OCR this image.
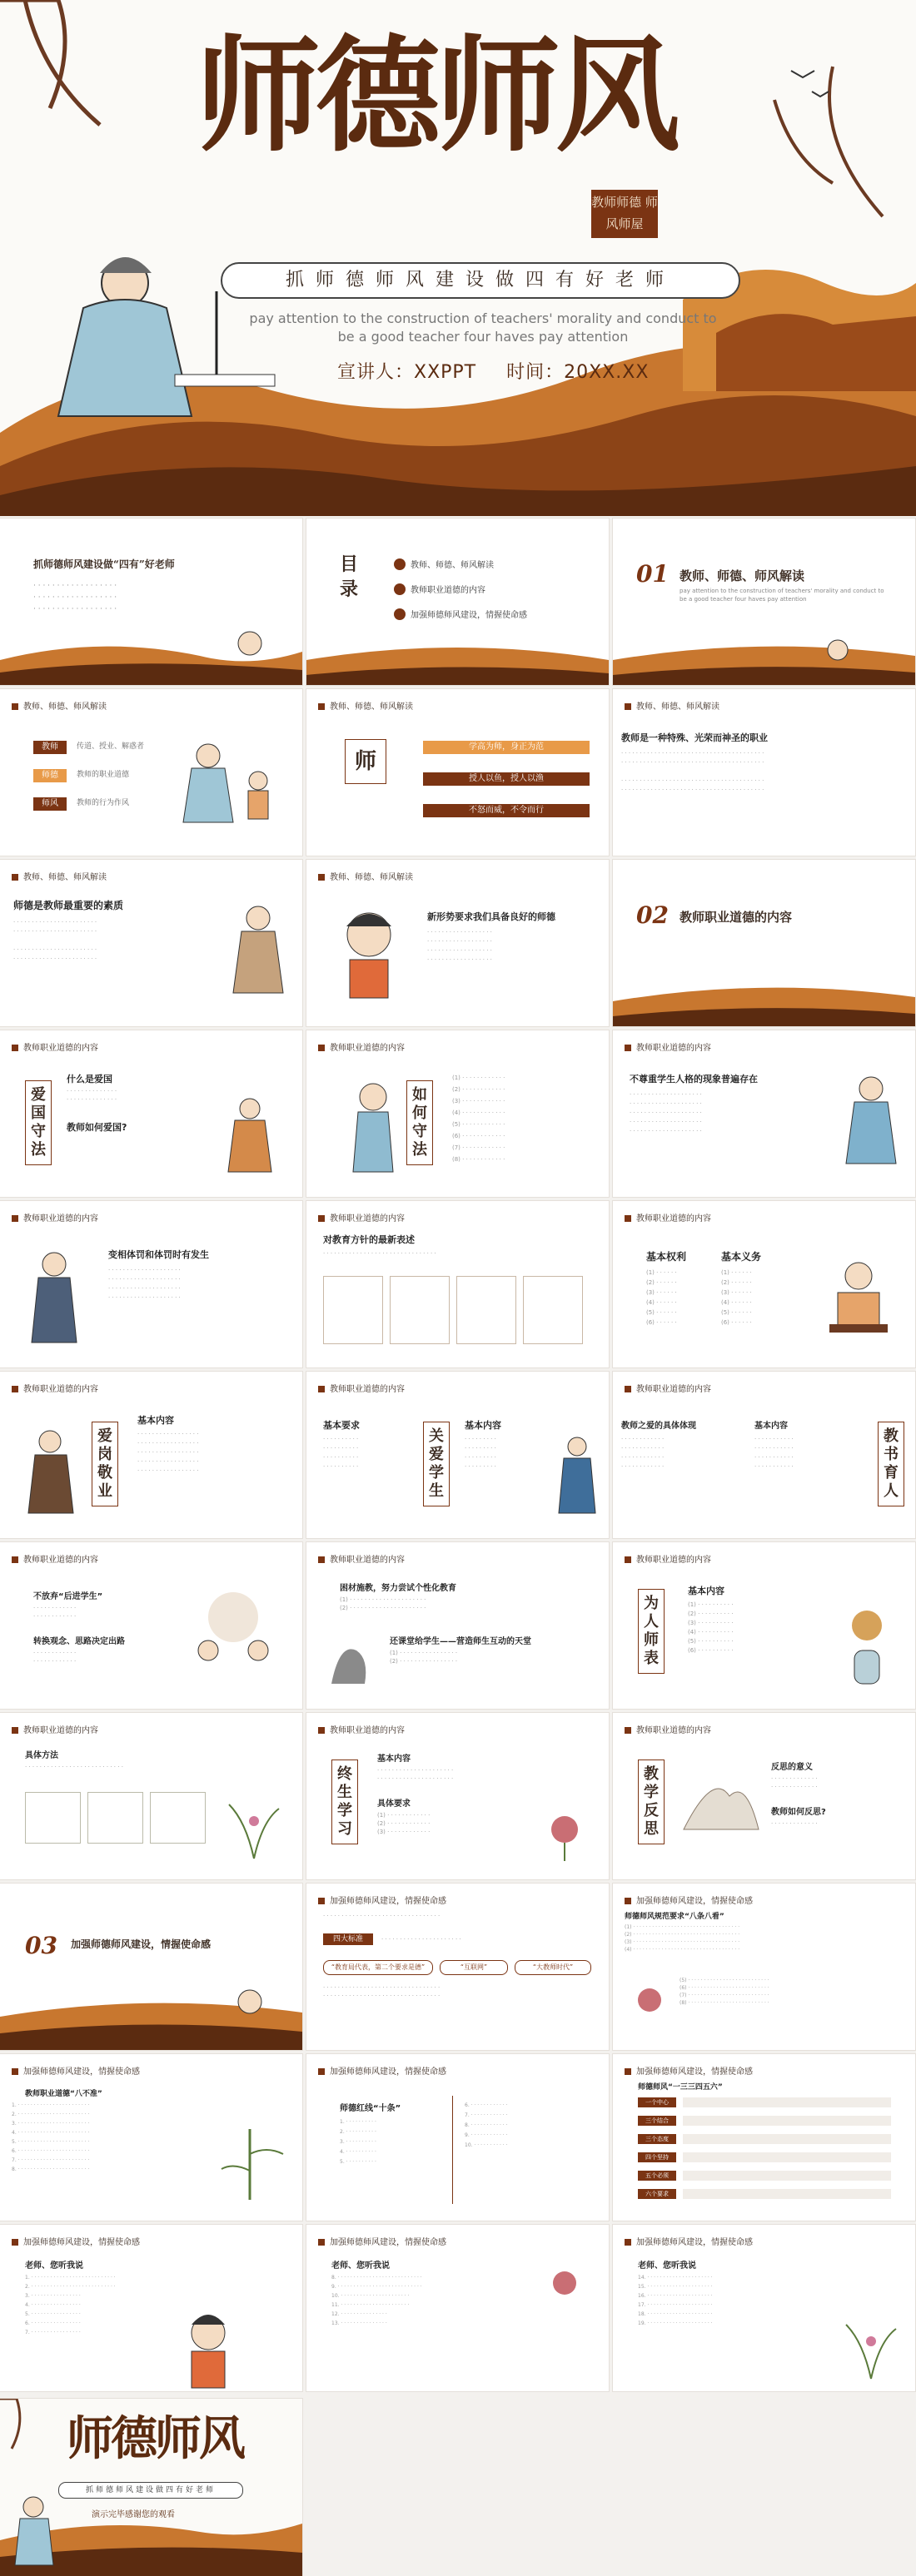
师德师风
教师师德 师风师屋
抓师德师风建设做四有好老师
pay attention to the construction of teachers' morality and conduct to be a good teacher four haves pay attention
宣讲人：XXPPT 时间：20XX.XX
抓师德师风建设做“四有”好老师
· · · · · · · · · · · · · · · · · ·
· · · · · · · · · · · · · · · · · ·
· · · · · · · · · · · · · · · · · ·
目录
教师、师德、师风解读
教师职业道德的内容
加强师德师风建设，情握使命感
01 教师、师德、师风解读
pay attention to the construction of teachers' morality and conduct to be a good teacher four haves pay attention
教师、师德、师风解读
教师	传道、授业、解惑者
师德	教师的职业道德
师风	教师的行为作风
教师、师德、师风解读
师
学高为师，身正为范
授人以鱼，授人以渔
不怒而威，不令而行
教师、师德、师风解读
教师是一种特殊、光荣而神圣的职业
· · · · · · · · · · · · · · · · · · · · · · · · · · · · · · · · · · · · · · ·
· · · · · · · · · · · · · · · · · · · · · · · · · · · · · · · · · · · · · · ·

· · · · · · · · · · · · · · · · · · · · · · · · · · · · · · · · · · · · · · ·
· · · · · · · · · · · · · · · · · · · · · · · · · · · · · · · · · · · · · · ·
教师、师德、师风解读
师德是教师最重要的素质
· · · · · · · · · · · · · · · · · · · · · · ·
· · · · · · · · · · · · · · · · · · · · · · ·

· · · · · · · · · · · · · · · · · · · · · · ·
· · · · · · · · · · · · · · · · · · · · · · ·
教师、师德、师风解读
新形势要求我们具备良好的师德
· · · · · · · · · · · · · · · · · ·
· · · · · · · · · · · · · · · · · ·
· · · · · · · · · · · · · · · · · ·
· · · · · · · · · · · · · · · · · ·
02 教师职业道德的内容
教师职业道德的内容
爱国守法
什么是爱国
· · · · · · · · · · · · · ·
· · · · · · · · · · · · · ·
教师如何爱国?
教师职业道德的内容
如何守法
(1) · · · · · · · · · · · ·
(2) · · · · · · · · · · · ·
(3) · · · · · · · · · · · ·
(4) · · · · · · · · · · · ·
(5) · · · · · · · · · · · ·
(6) · · · · · · · · · · · ·
(7) · · · · · · · · · · · ·
(8) · · · · · · · · · · · ·
教师职业道德的内容
不尊重学生人格的现象普遍存在
· · · · · · · · · · · · · · · · · · · ·
· · · · · · · · · · · · · · · · · · · ·
· · · · · · · · · · · · · · · · · · · ·
· · · · · · · · · · · · · · · · · · · ·
· · · · · · · · · · · · · · · · · · · ·
教师职业道德的内容
变相体罚和体罚时有发生
· · · · · · · · · · · · · · · · · · · ·
· · · · · · · · · · · · · · · · · · · ·
· · · · · · · · · · · · · · · · · · · ·
· · · · · · · · · · · · · · · · · · · ·
教师职业道德的内容
对教育方针的最新表述
· · · · · · · · · · · · · · · · · · · · · · · · · · · · · · ·
教师职业道德的内容
基本权利
(1) · · · · · ·
(2) · · · · · ·
(3) · · · · · ·
(4) · · · · · ·
(5) · · · · · ·
(6) · · · · · ·
基本义务
(1) · · · · · ·
(2) · · · · · ·
(3) · · · · · ·
(4) · · · · · ·
(5) · · · · · ·
(6) · · · · · ·
教师职业道德的内容
爱岗敬业
基本内容
· · · · · · · · · · · · · · · · ·
· · · · · · · · · · · · · · · · ·
· · · · · · · · · · · · · · · · ·
· · · · · · · · · · · · · · · · ·
· · · · · · · · · · · · · · · · ·
教师职业道德的内容
基本要求
· · · · · · · · · ·
· · · · · · · · · ·
· · · · · · · · · ·
· · · · · · · · · ·
关爱学生
基本内容
· · · · · · · · ·
· · · · · · · · ·
· · · · · · · · ·
· · · · · · · · ·
教师职业道德的内容
教师之爱的具体体现
· · · · · · · · · · · ·
· · · · · · · · · · · ·
· · · · · · · · · · · ·
· · · · · · · · · · · ·
基本内容
· · · · · · · · · · ·
· · · · · · · · · · ·
· · · · · · · · · · ·
· · · · · · · · · · ·
教书育人
教师职业道德的内容
不放弃“后进学生”
· · · · · · · · · · · ·
· · · · · · · · · · · ·
转换观念、思路决定出路
· · · · · · · · · · · ·
· · · · · · · · · · · ·
教师职业道德的内容
困材施教，努力尝试个性化教育
(1) · · · · · · · · · · · · · · · · · · · · ·
(2) · · · · · · · · · · · · · · · · · · · · ·
还课堂给学生——营造师生互动的天堂
(1) · · · · · · · · · · · · · · · ·
(2) · · · · · · · · · · · · · · · ·
教师职业道德的内容
为人师表
基本内容
(1) · · · · · · · · · ·
(2) · · · · · · · · · ·
(3) · · · · · · · · · ·
(4) · · · · · · · · · ·
(5) · · · · · · · · · ·
(6) · · · · · · · · · ·
教师职业道德的内容
具体方法
· · · · · · · · · · · · · · · · · · · · · · · · · · ·
教师职业道德的内容
终生学习
基本内容
· · · · · · · · · · · · · · · · · · · · ·
· · · · · · · · · · · · · · · · · · · · ·
具体要求
(1) · · · · · · · · · · · ·
(2) · · · · · · · · · · · ·
(3) · · · · · · · · · · · ·
教师职业道德的内容
教学反思
反思的意义
· · · · · · · · · · · · ·
· · · · · · · · · · · · ·
教师如何反思?
· · · · · · · · · · · · ·
03 加强师德师风建设，情握使命感
加强师德师风建设，情握使命感
· · · · · · · · · · · · · · · · · · · · · · · · · · · · · · · ·
四大标准	· · · · · · · · · · · · · · · · · · · · · ·
“教育局代表，第二个要求是德”	“互联网”	“大教师时代”
· · · · · · · · · · · · · · · · · · · · · · · · · · · · · · · ·
· · · · · · · · · · · · · · · · · · · · · · · · · · · · · · · ·
加强师德师风建设，情握使命感
师德师风规范要求“八条八看”
(1) · · · · · · · · · · · · · · · · · · · · · · · · · · · · · · · · · ·
(2) · · · · · · · · · · · · · · · · · · · · · · · · · · · · · · · · · ·
(3) · · · · · · · · · · · · · · · · · · · · · · · · · · · · · · · · · ·
(4) · · · · · · · · · · · · · · · · · · · · · · · · · · · · · · · · · ·
(5) · · · · · · · · · · · · · · · · · · · · · · · · · ·
(6) · · · · · · · · · · · · · · · · · · · · · · · · · ·
(7) · · · · · · · · · · · · · · · · · · · · · · · · · ·
(8) · · · · · · · · · · · · · · · · · · · · · · · · · ·
加强师德师风建设，情握使命感
教师职业道德“八不准”
1. · · · · · · · · · · · · · · · · · · · · · · ·
2. · · · · · · · · · · · · · · · · · · · · · · ·
3. · · · · · · · · · · · · · · · · · · · · · · ·
4. · · · · · · · · · · · · · · · · · · · · · · ·
5. · · · · · · · · · · · · · · · · · · · · · · ·
6. · · · · · · · · · · · · · · · · · · · · · · ·
7. · · · · · · · · · · · · · · · · · · · · · · ·
8. · · · · · · · · · · · · · · · · · · · · · · ·
加强师德师风建设，情握使命感
师德红线“十条”
1. · · · · · · · · · ·
2. · · · · · · · · · ·
3. · · · · · · · · · ·
4. · · · · · · · · · ·
5. · · · · · · · · · ·
6. · · · · · · · · · · · ·
7. · · · · · · · · · · · ·
8. · · · · · · · · · · · ·
9. · · · · · · · · · · · ·
10. · · · · · · · · · · ·
加强师德师风建设，情握使命感
师德师风“一三三四五六”
一个中心
三个结合
三个态度
四个坚持
五个必须
六个要求
加强师德师风建设，情握使命感
老师、您听我说
1. · · · · · · · · · · · · · · · · · · · · · · · · · · ·
2. · · · · · · · · · · · · · · · · · · · · · · · · · · ·
3. · · · · · · · · · · · · · · · ·
4. · · · · · · · · · · · · · · · ·
5. · · · · · · · · · · · · · · · ·
6. · · · · · · · · · · · · · · · ·
7. · · · · · · · · · · · · · · · ·
加强师德师风建设，情握使命感
老师、您听我说
8. · · · · · · · · · · · · · · · · · · · · · · · · · · ·
9. · · · · · · · · · · · · · · · · · · · · · · · · · · ·
10. · · · · · · · · · · · · · · · · · · · · · ·
11. · · · · · · · · · · · · · · · · · · · · · ·
12. · · · · · · · · · · · · · · ·
13. · · · · · · · · · · · · · · ·
加强师德师风建设，情握使命感
老师、您听我说
14. · · · · · · · · · · · · · · · · · · · · ·
15. · · · · · · · · · · · · · · · · · · · · ·
16. · · · · · · · · · · · · · · · · · · · · ·
17. · · · · · · · · · · · · · · · · · · · · ·
18. · · · · · · · · · · · · · · · · · · · · ·
19. · · · · · · · · · · · · · · · · · · · · ·
师德师风
抓师德师风建设做四有好老师
演示完毕感谢您的观看
